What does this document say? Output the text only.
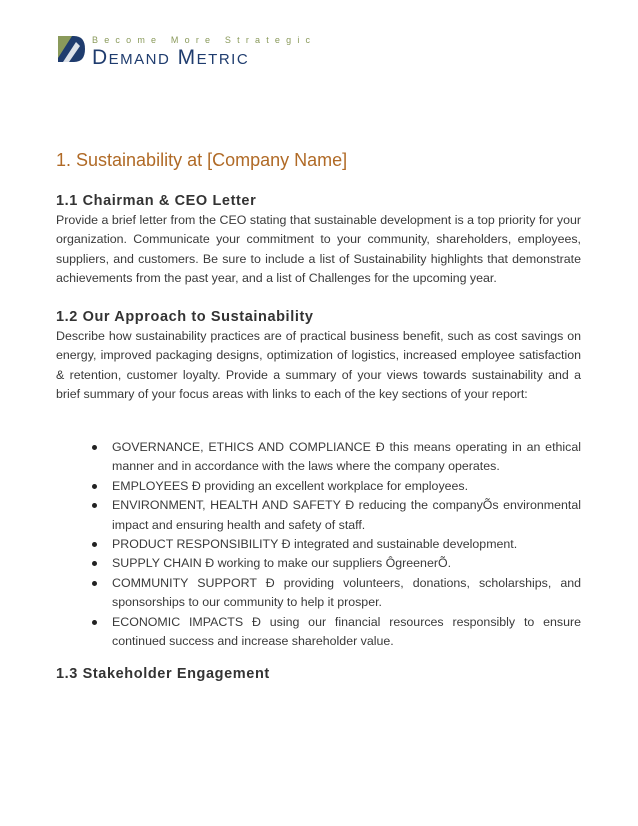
Become More Strategic
Demand Metric
1. Sustainability at [Company Name]
1.1 Chairman & CEO Letter

Provide a brief letter from the CEO stating that sustainable development is a top priority for your organization. Communicate your commitment to your community, shareholders, employees, suppliers, and customers. Be sure to include a list of Sustainability highlights that demonstrate achievements from the past year, and a list of Challenges for the upcoming year.

1.2 Our Approach to Sustainability

Describe how sustainability practices are of practical business benefit, such as cost savings on energy, improved packaging designs, optimization of logistics, increased employee satisfaction & retention, customer loyalty. Provide a summary of your views towards sustainability and a brief summary of your focus areas with links to each of the key sections of your report:

GOVERNANCE, ETHICS AND COMPLIANCE Ð this means operating in an ethical manner and in accordance with the laws where the company operates.
EMPLOYEES Ð providing an excellent workplace for employees.
ENVIRONMENT, HEALTH AND SAFETY Ð reducing the companyÕs environmental impact and ensuring health and safety of staff.
PRODUCT RESPONSIBILITY Ð integrated and sustainable development.
SUPPLY CHAIN Ð working to make our suppliers ÔgreenerÕ.
COMMUNITY SUPPORT Ð providing volunteers, donations, scholarships, and sponsorships to our community to help it prosper.
ECONOMIC IMPACTS Ð using our financial resources responsibly to ensure continued success and increase shareholder value.
1.3 Stakeholder Engagement
